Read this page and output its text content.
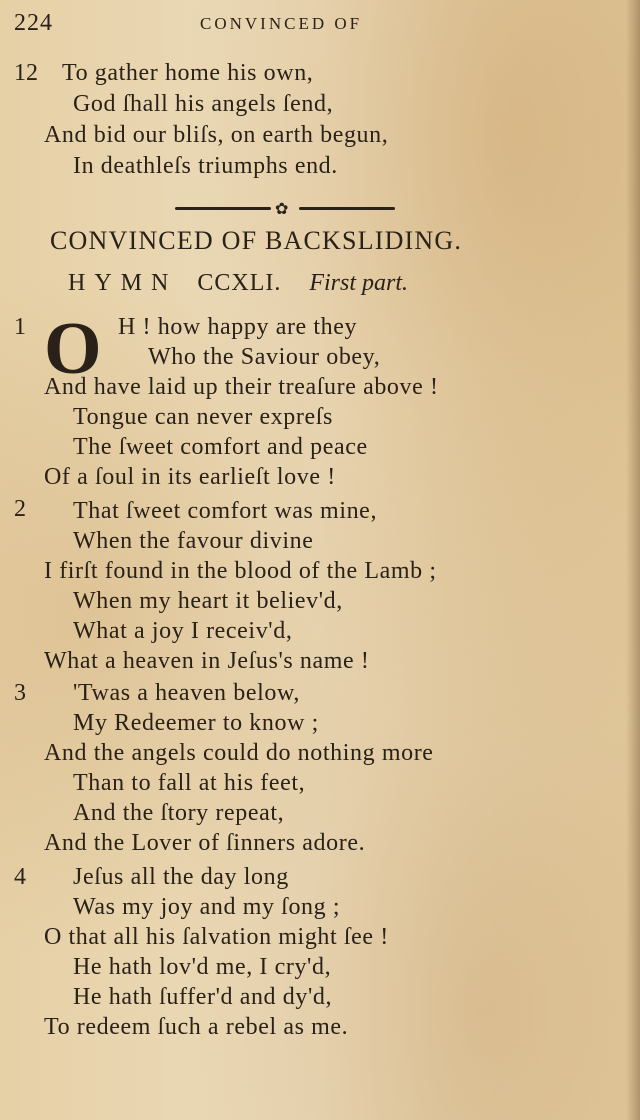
224	CONVINCED OF
12 To gather home his own,
God ſhall his angels ſend,
And bid our bliſs, on earth begun,
In deathleſs triumphs end.
✿
CONVINCED OF BACKSLIDING.
HYMN CCXLI. First part.
1 O H ! how happy are they
Who the Saviour obey,
And have laid up their treaſure above !
Tongue can never expreſs
The ſweet comfort and peace
Of a ſoul in its earlieſt love !
2 That ſweet comfort was mine,
When the favour divine
I firſt found in the blood of the Lamb ;
When my heart it believ'd,
What a joy I receiv'd,
What a heaven in Jeſus's name !
3 'Twas a heaven below,
My Redeemer to know ;
And the angels could do nothing more
Than to fall at his feet,
And the ſtory repeat,
And the Lover of ſinners adore.
4 Jeſus all the day long
Was my joy and my ſong ;
O that all his ſalvation might ſee !
He hath lov'd me, I cry'd,
He hath ſuffer'd and dy'd,
To redeem ſuch a rebel as me.
